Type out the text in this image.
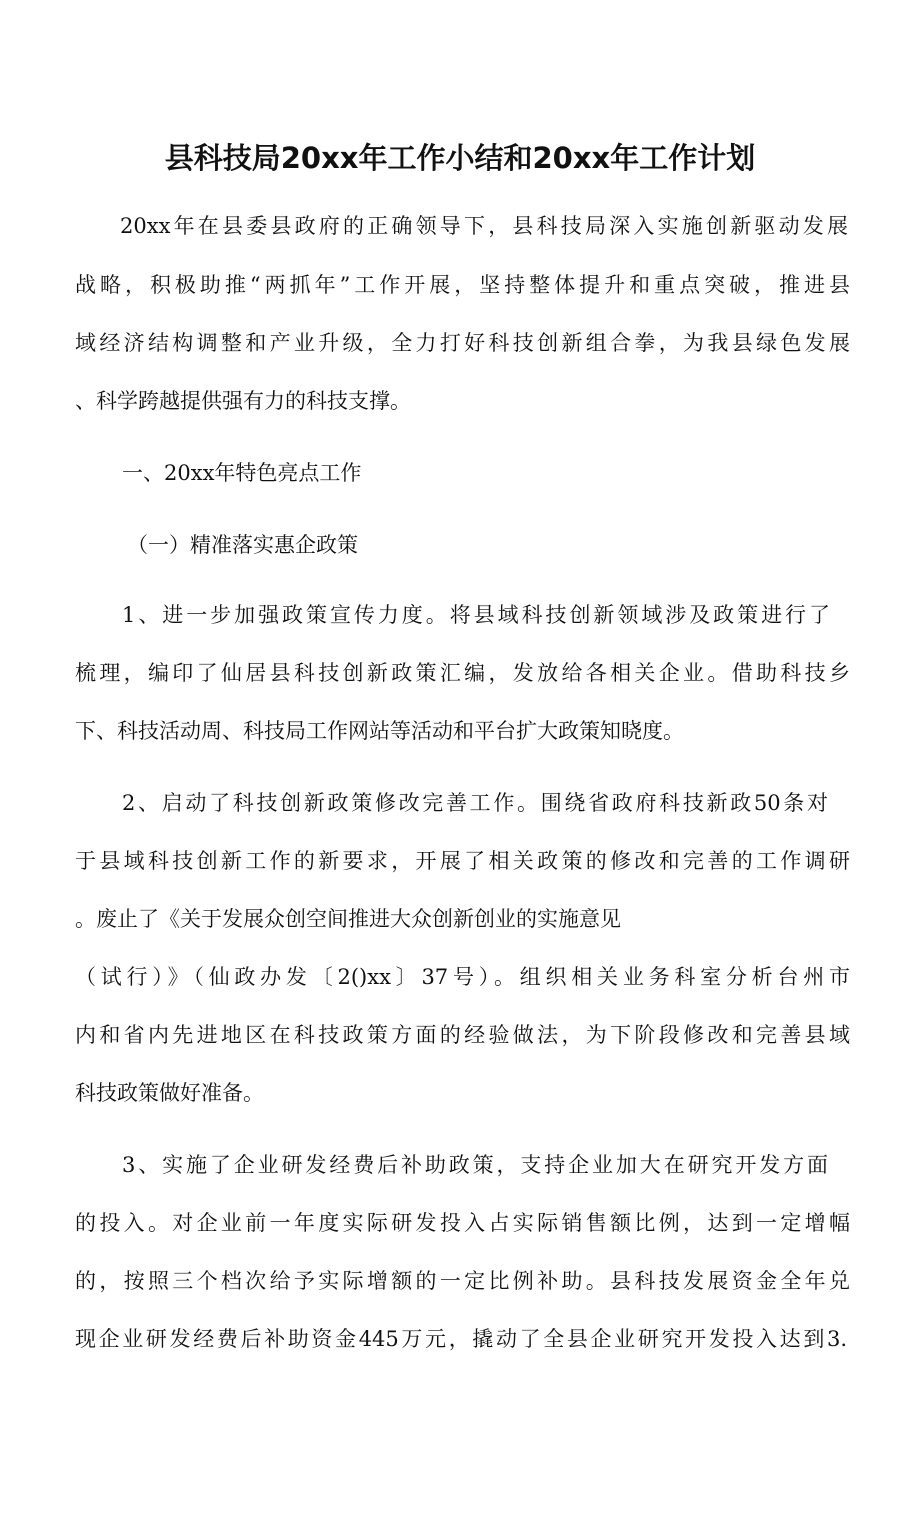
县科技局20xx年工作小结和20xx年工作计划

20xx年在县委县政府的正确领导下，县科技局深入实施创新驱动发展

战略，积极助推“两抓年”工作开展，坚持整体提升和重点突破，推进县

域经济结构调整和产业升级，全力打好科技创新组合拳，为我县绿色发展

、科学跨越提供强有力的科技支撑。

一、20xx年特色亮点工作

（一）精准落实惠企政策

1、进一步加强政策宣传力度。将县域科技创新领域涉及政策进行了

梳理，编印了仙居县科技创新政策汇编，发放给各相关企业。借助科技乡

下、科技活动周、科技局工作网站等活动和平台扩大政策知晓度。

2、启动了科技创新政策修改完善工作。围绕省政府科技新政50条对

于县域科技创新工作的新要求，开展了相关政策的修改和完善的工作调研

。废止了《关于发展众创空间推进大众创新创业的实施意见

（试行）》（仙政办发〔2()xx〕37号）。组织相关业务科室分析台州市

内和省内先进地区在科技政策方面的经验做法，为下阶段修改和完善县域

科技政策做好准备。

3、实施了企业研发经费后补助政策，支持企业加大在研究开发方面

的投入。对企业前一年度实际研发投入占实际销售额比例，达到一定增幅

的，按照三个档次给予实际增额的一定比例补助。县科技发展资金全年兑

现企业研发经费后补助资金445万元，撬动了全县企业研究开发投入达到3.
